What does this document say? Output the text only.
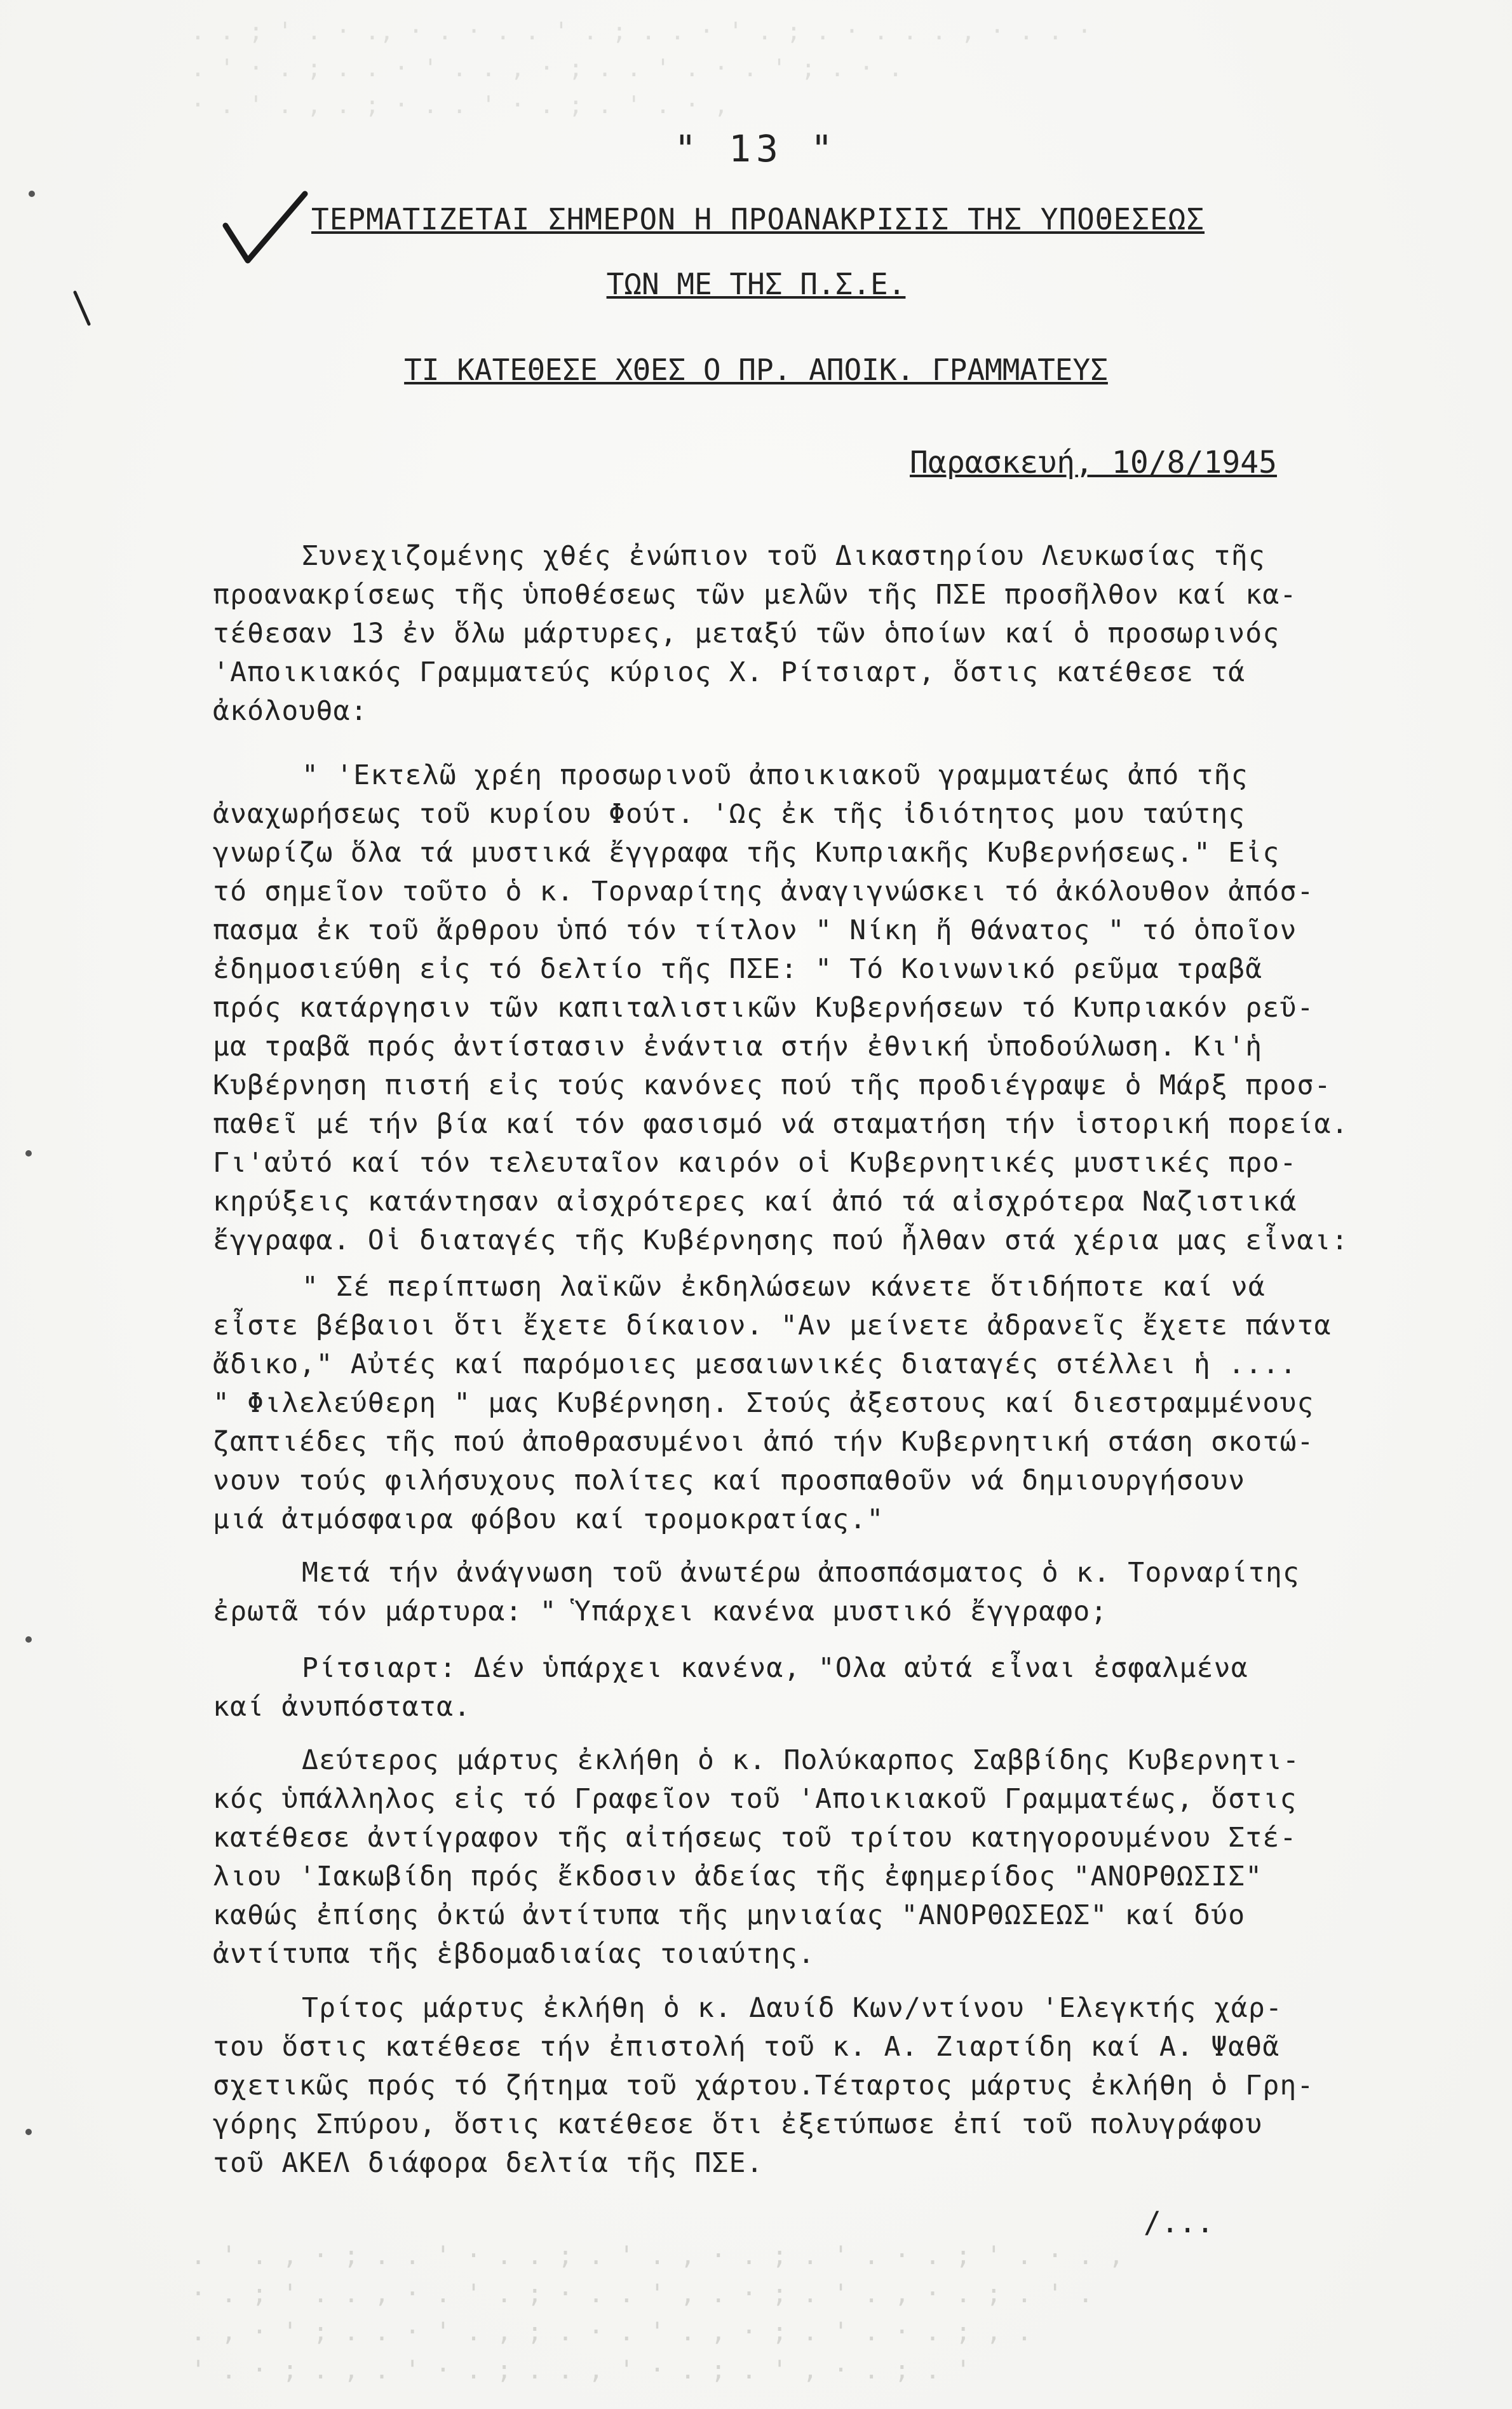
. . ; ' . · ., · . · . . ' . ; . . · ' . ; . · . . . , · . . ·
. ' · . ; . . · ' . . , · ; . . ' . · . ' ; . · .
· . ' . , . ; · . . ' · . ; . ' . · ,
" 13 "
ΤΕΡΜΑΤΙΖΕΤΑΙ ΣΗΜΕΡΟΝ Η ΠΡΟΑΝΑΚΡΙΣΙΣ ΤΗΣ ΥΠΟΘΕΣΕΩΣ
ΤΩΝ ΜΕ ΤΗΣ Π.Σ.Ε.
ΤΙ ΚΑΤΕΘΕΣΕ ΧΘΕΣ Ο ΠΡ. ΑΠΟΙΚ. ΓΡΑΜΜΑΤΕΥΣ
Παρασκευή, 10/8/1945
Συνεχιζομένης χθές ἐνώπιον τοῦ Δικαστηρίου Λευκωσίας τῆς
προανακρίσεως τῆς ὑποθέσεως τῶν μελῶν τῆς ΠΣΕ προσῆλθον καί κα-
τέθεσαν 13 ἐν ὅλω μάρτυρες, μεταξύ τῶν ὁποίων καί ὁ προσωρινός
'Αποικιακός Γραμματεύς κύριος Χ. Ρίτσιαρτ, ὅστις κατέθεσε τά
ἀκόλουθα:
" 'Εκτελῶ χρέη προσωρινοῦ ἀποικιακοῦ γραμματέως ἀπό τῆς
ἀναχωρήσεως τοῦ κυρίου Φούτ. 'Ως ἐκ τῆς ἰδιότητος μου ταύτης
γνωρίζω ὅλα τά μυστικά ἔγγραφα τῆς Κυπριακῆς Κυβερνήσεως." Εἰς
τό σημεῖον τοῦτο ὁ κ. Τορναρίτης ἀναγιγνώσκει τό ἀκόλουθον ἀπόσ-
πασμα ἐκ τοῦ ἄρθρου ὑπό τόν τίτλον " Νίκη ἤ θάνατος " τό ὁποῖον
ἐδημοσιεύθη εἰς τό δελτίο τῆς ΠΣΕ: " Τό Κοινωνικό ρεῦμα τραβᾶ
πρός κατάργησιν τῶν καπιταλιστικῶν Κυβερνήσεων τό Κυπριακόν ρεῦ-
μα τραβᾶ πρός ἀντίστασιν ἐνάντια στήν ἐθνική ὑποδούλωση. Κι'ἡ
Κυβέρνηση πιστή εἰς τούς κανόνες πού τῆς προδιέγραψε ὁ Μάρξ προσ-
παθεῖ μέ τήν βία καί τόν φασισμό νά σταματήση τήν ἱστορική πορεία.
Γι'αὐτό καί τόν τελευταῖον καιρόν οἱ Κυβερνητικές μυστικές προ-
κηρύξεις κατάντησαν αἰσχρότερες καί ἀπό τά αἰσχρότερα Ναζιστικά
ἔγγραφα. Οἱ διαταγές τῆς Κυβέρνησης πού ἦλθαν στά χέρια μας εἶναι:
" Σέ περίπτωση λαϊκῶν ἐκδηλώσεων κάνετε ὅτιδήποτε καί νά
εἶστε βέβαιοι ὅτι ἔχετε δίκαιον. "Αν μείνετε ἀδρανεῖς ἔχετε πάντα
ἄδικο," Αὐτές καί παρόμοιες μεσαιωνικές διαταγές στέλλει ἡ ....
" Φιλελεύθερη " μας Κυβέρνηση. Στούς ἀξεστους καί διεστραμμένους
ζαπτιέδες τῆς πού ἀποθρασυμένοι ἀπό τήν Κυβερνητική στάση σκοτώ-
νουν τούς φιλήσυχους πολίτες καί προσπαθοῦν νά δημιουργήσουν
μιά ἀτμόσφαιρα φόβου καί τρομοκρατίας."
Μετά τήν ἀνάγνωση τοῦ ἀνωτέρω ἀποσπάσματος ὁ κ. Τορναρίτης
ἐρωτᾶ τόν μάρτυρα: " Ὑπάρχει κανένα μυστικό ἔγγραφο;
Ρίτσιαρτ: Δέν ὑπάρχει κανένα, "Ολα αὐτά εἶναι ἐσφαλμένα
καί ἀνυπόστατα.
Δεύτερος μάρτυς ἐκλήθη ὁ κ. Πολύκαρπος Σαββίδης Κυβερνητι-
κός ὑπάλληλος εἰς τό Γραφεῖον τοῦ 'Αποικιακοῦ Γραμματέως, ὅστις
κατέθεσε ἀντίγραφον τῆς αἰτήσεως τοῦ τρίτου κατηγορουμένου Στέ-
λιου 'Ιακωβίδη πρός ἔκδοσιν ἀδείας τῆς ἐφημερίδος "ΑΝΟΡΘΩΣΙΣ"
καθώς ἐπίσης ὀκτώ ἀντίτυπα τῆς μηνιαίας "ΑΝΟΡΘΩΣΕΩΣ" καί δύο
ἀντίτυπα τῆς ἑβδομαδιαίας τοιαύτης.
Τρίτος μάρτυς ἐκλήθη ὁ κ. Δαυίδ Κων/ντίνου 'Ελεγκτής χάρ-
του ὅστις κατέθεσε τήν ἐπιστολή τοῦ κ. Α. Ζιαρτίδη καί Α. Ψαθᾶ
σχετικῶς πρός τό ζήτημα τοῦ χάρτου.Τέταρτος μάρτυς ἐκλήθη ὁ Γρη-
γόρης Σπύρου, ὅστις κατέθεσε ὅτι ἐξετύπωσε ἐπί τοῦ πολυγράφου
τοῦ ΑΚΕΛ διάφορα δελτία τῆς ΠΣΕ.
/...
. ' . , · ; . . ' · . . ; . ' . , · . ; . ' . · . ; ' . · . ,
· . ; ' . . , · . ' . ; · . . ' , . · ; . ' . , · . ; . ' .
. , · ' ; . . · ' . , ; . · . ' . , · ; . ' . · . ; , .
' . · ; . , . ' · . ; . . , ' · . ; . ' , · . ; . '
